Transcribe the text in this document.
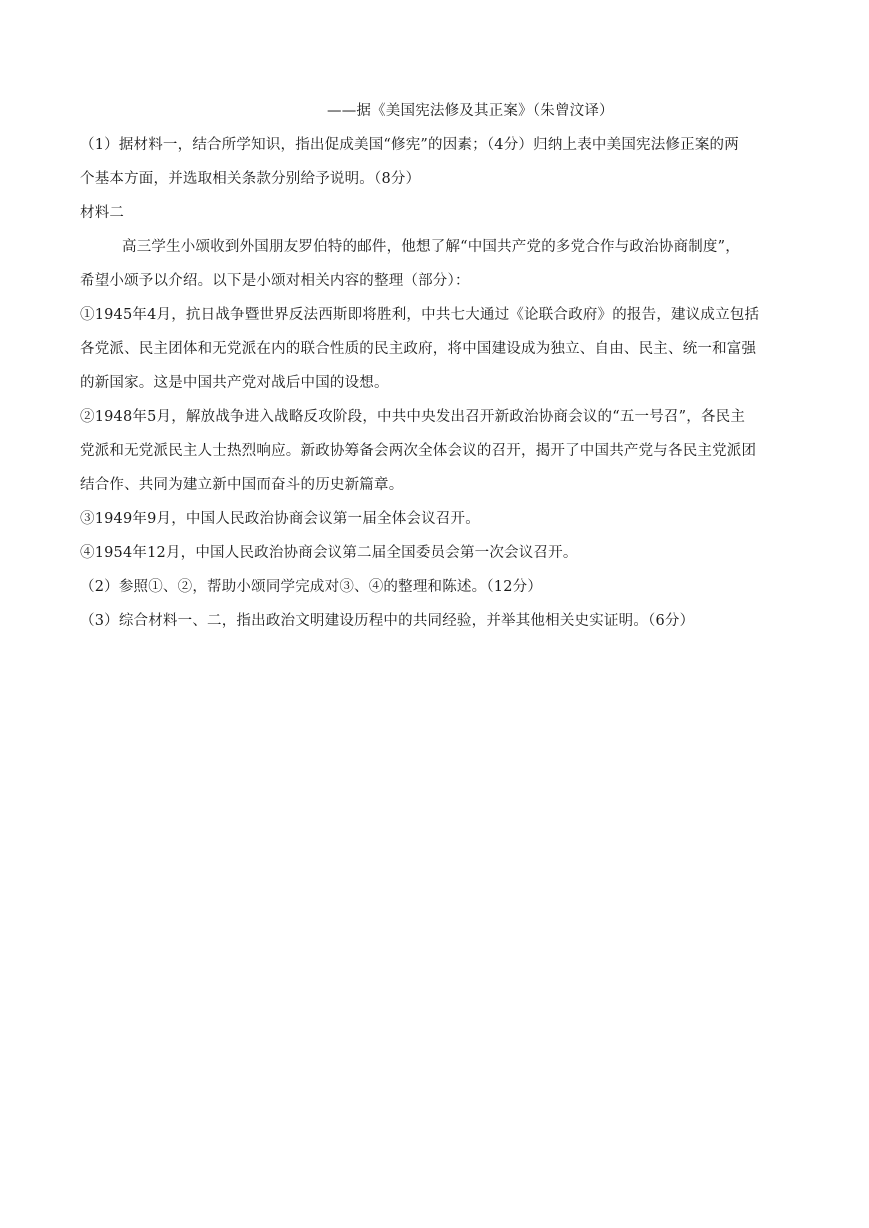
——据《美国宪法修及其正案》（朱曾汶译）
（1）据材料一，结合所学知识，指出促成美国“修宪”的因素；（4分）归纳上表中美国宪法修正案的两
个基本方面，并选取相关条款分别给予说明。（8分）
材料二
高三学生小颂收到外国朋友罗伯特的邮件，他想了解“中国共产党的多党合作与政治协商制度”，
希望小颂予以介绍。以下是小颂对相关内容的整理（部分）：
①1945年4月，抗日战争暨世界反法西斯即将胜利，中共七大通过《论联合政府》的报告，建议成立包括
各党派、民主团体和无党派在内的联合性质的民主政府，将中国建设成为独立、自由、民主、统一和富强
的新国家。这是中国共产党对战后中国的设想。
②1948年5月，解放战争进入战略反攻阶段，中共中央发出召开新政治协商会议的“五一号召”，各民主
党派和无党派民主人士热烈响应。新政协筹备会两次全体会议的召开，揭开了中国共产党与各民主党派团
结合作、共同为建立新中国而奋斗的历史新篇章。
③1949年9月，中国人民政治协商会议第一届全体会议召开。
④1954年12月，中国人民政治协商会议第二届全国委员会第一次会议召开。
（2）参照①、②，帮助小颂同学完成对③、④的整理和陈述。（12分）
（3）综合材料一、二，指出政治文明建设历程中的共同经验，并举其他相关史实证明。（6分）
